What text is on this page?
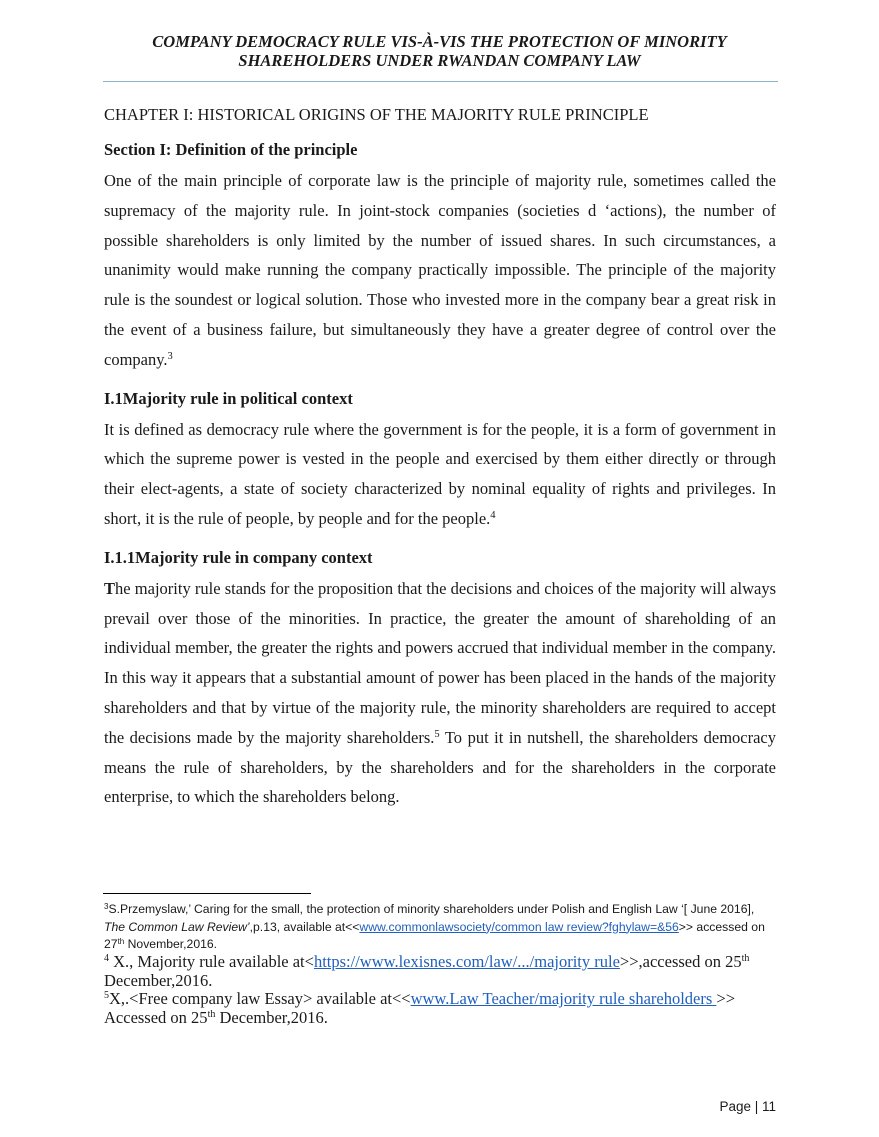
COMPANY DEMOCRACY RULE VIS-À-VIS THE PROTECTION OF MINORITY
SHAREHOLDERS UNDER RWANDAN COMPANY LAW

CHAPTER I: HISTORICAL ORIGINS OF THE MAJORITY RULE PRINCIPLE

Section I: Definition of the principle

One of the main principle of corporate law is the principle of majority rule, sometimes called the supremacy of the majority rule. In joint-stock companies (societies d ‘actions), the number of possible shareholders is only limited by the number of issued shares. In such circumstances, a unanimity would make running the company practically impossible. The principle of the majority rule is the soundest or logical solution. Those who invested more in the company bear a great risk in the event of a business failure, but simultaneously they have a greater degree of control over the company.$^3$

I.1Majority rule in political context

It is defined as democracy rule where the government is for the people, it is a form of government in which the supreme power is vested in the people and exercised by them either directly or through their elect-agents, a state of society characterized by nominal equality of rights and privileges. In short, it is the rule of people, by people and for the people.$^4$

I.1.1Majority rule in company context

The majority rule stands for the proposition that the decisions and choices of the majority will always prevail over those of the minorities. In practice, the greater the amount of shareholding of an individual member, the greater the rights and powers accrued that individual member in the company. In this way it appears that a substantial amount of power has been placed in the hands of the majority shareholders and that by virtue of the majority rule, the minority shareholders are required to accept the decisions made by the majority shareholders.$^5$ To put it in nutshell, the shareholders democracy means the rule of shareholders, by the shareholders and for the shareholders in the corporate enterprise, to which the shareholders belong.

$^3$S.Przemyslaw,’ Caring for the small, the protection of minority shareholders under Polish and English Law ‘[ June 2016], The Common Law Review’,p.13, available at<<www.commonlawsociety/common law review?fghylaw=&56>> accessed on 27th November,2016.

$^4$ X., Majority rule available at<https://www.lexisnes.com/law/.../majority rule>>,accessed on 25th December,2016.

$^5$X,.<Free company law Essay> available at<<www.Law Teacher/majority rule shareholders >> Accessed on 25th December,2016.

Page | 11
